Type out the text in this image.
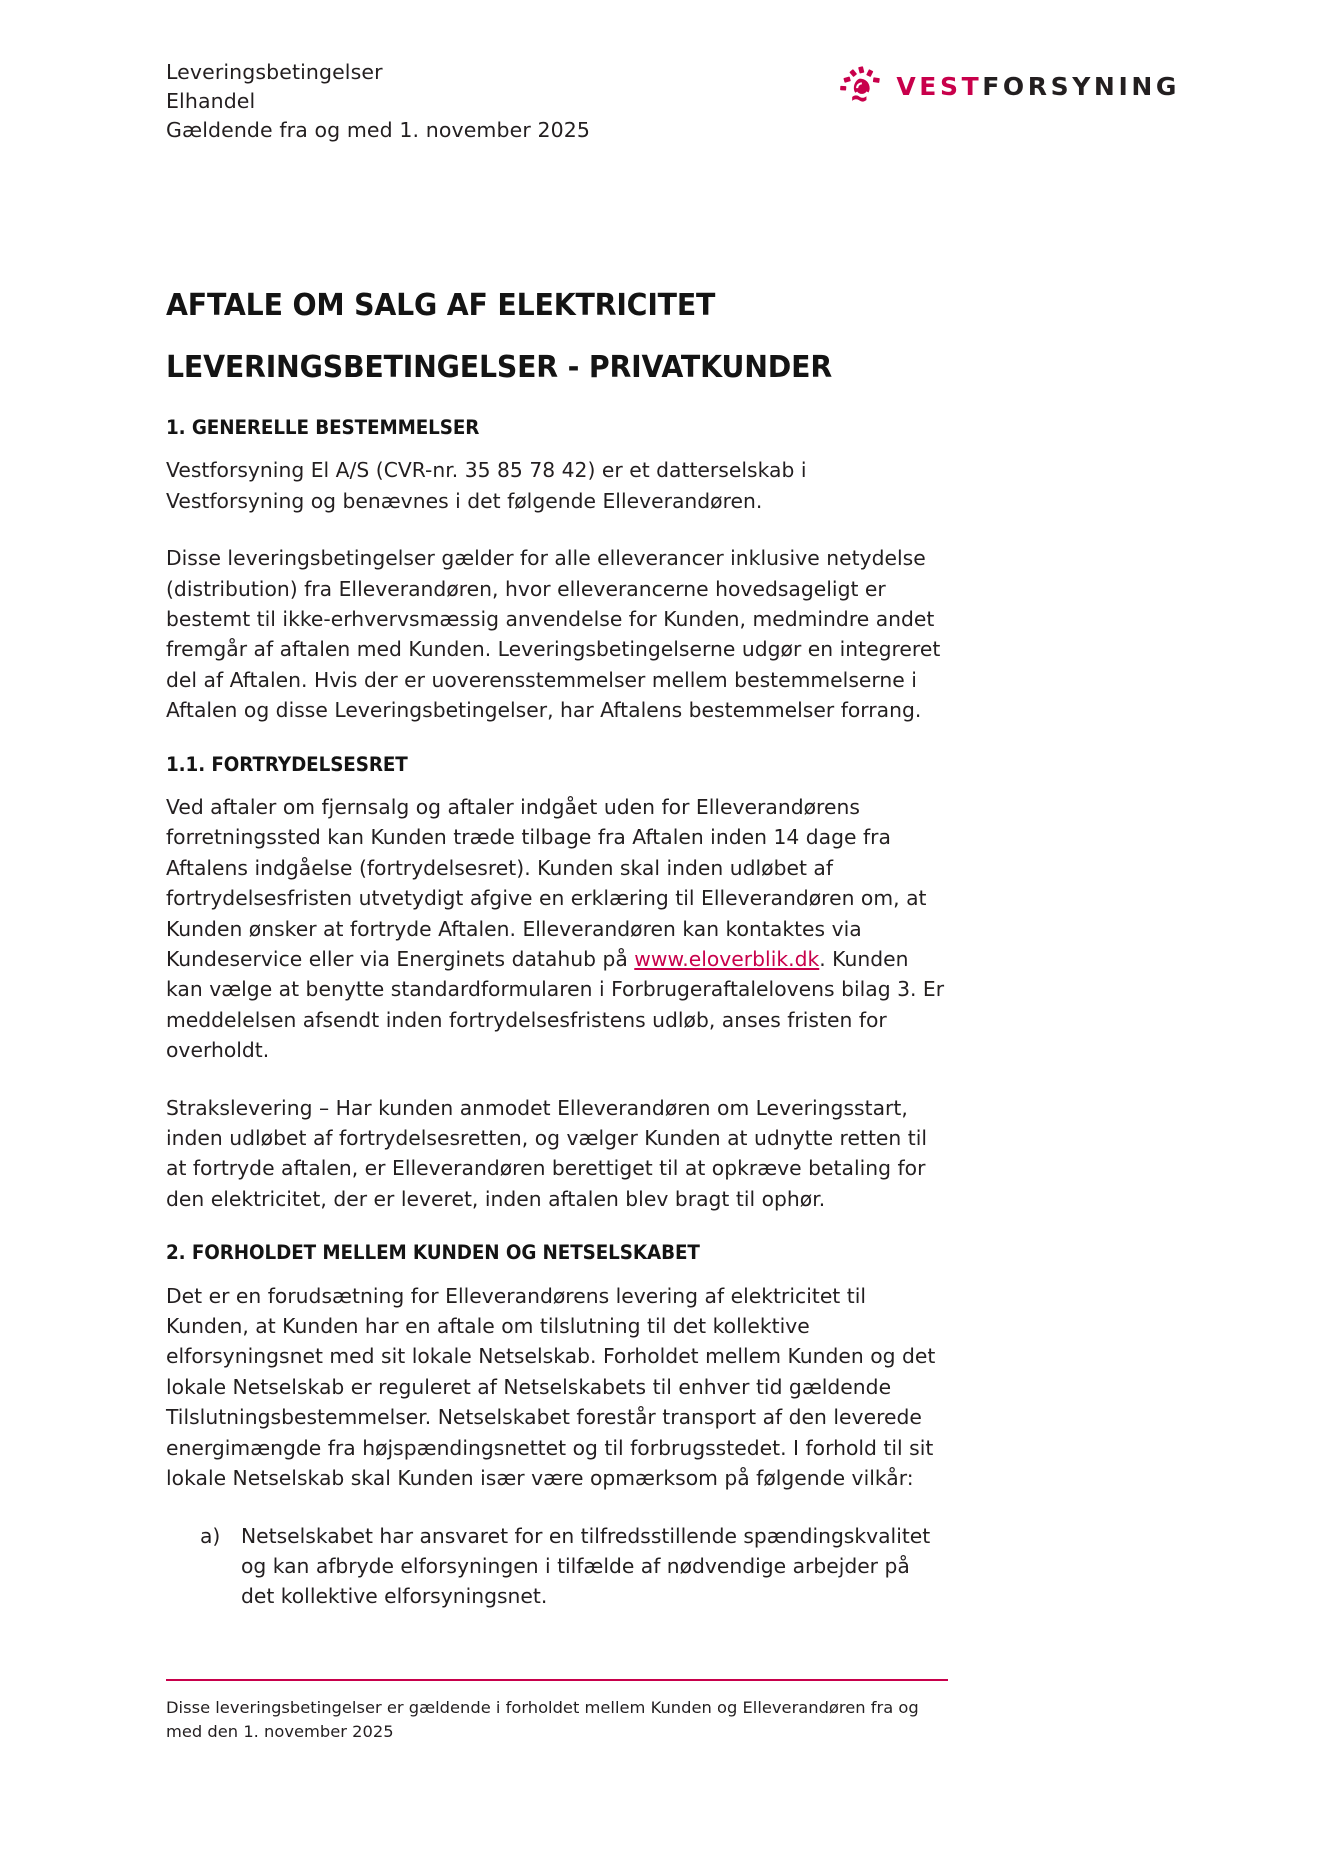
Leveringsbetingelser
Elhandel
Gældende fra og med 1. november 2025
VESTFORSYNING
AFTALE OM SALG AF ELEKTRICITET
LEVERINGSBETINGELSER - PRIVATKUNDER
1. GENERELLE BESTEMMELSER

Vestforsyning El A/S (CVR-nr. 35 85 78 42) er et datterselskab i Vestforsyning og benævnes i det følgende Elleverandøren.

Disse leveringsbetingelser gælder for alle elleverancer inklusive netydelse (distribution) fra Elleverandøren, hvor elleverancerne hovedsageligt er bestemt til ikke-erhvervsmæssig anvendelse for Kunden, medmindre andet fremgår af aftalen med Kunden. Leveringsbetingelserne udgør en integreret del af Aftalen. Hvis der er uoverensstemmelser mellem bestemmelserne i Aftalen og disse Leveringsbetingelser, har Aftalens bestemmelser forrang.

1.1. FORTRYDELSESRET

Ved aftaler om fjernsalg og aftaler indgået uden for Elleverandørens forretningssted kan Kunden træde tilbage fra Aftalen inden 14 dage fra Aftalens indgåelse (fortrydelsesret). Kunden skal inden udløbet af fortrydelsesfristen utvetydigt afgive en erklæring til Elleverandøren om, at Kunden ønsker at fortryde Aftalen. Elleverandøren kan kontaktes via Kundeservice eller via Energinets datahub på www.eloverblik.dk. Kunden kan vælge at benytte standardformularen i Forbrugeraftalelovens bilag 3. Er meddelelsen afsendt inden fortrydelsesfristens udløb, anses fristen for overholdt.

Strakslevering – Har kunden anmodet Elleverandøren om Leveringsstart, inden udløbet af fortrydelsesretten, og vælger Kunden at udnytte retten til at fortryde aftalen, er Elleverandøren berettiget til at opkræve betaling for den elektricitet, der er leveret, inden aftalen blev bragt til ophør.

2. FORHOLDET MELLEM KUNDEN OG NETSELSKABET

Det er en forudsætning for Elleverandørens levering af elektricitet til Kunden, at Kunden har en aftale om tilslutning til det kollektive elforsyningsnet med sit lokale Netselskab. Forholdet mellem Kunden og det lokale Netselskab er reguleret af Netselskabets til enhver tid gældende Tilslutningsbestemmelser. Netselskabet forestår transport af den leverede energimængde fra højspændingsnettet og til forbrugsstedet. I forhold til sit lokale Netselskab skal Kunden især være opmærksom på følgende vilkår:

a) Netselskabet har ansvaret for en tilfredsstillende spændingskvalitet og kan afbryde elforsyningen i tilfælde af nødvendige arbejder på det kollektive elforsyningsnet.

Disse leveringsbetingelser er gældende i forholdet mellem Kunden og Elleverandøren fra og med den 1. november 2025
